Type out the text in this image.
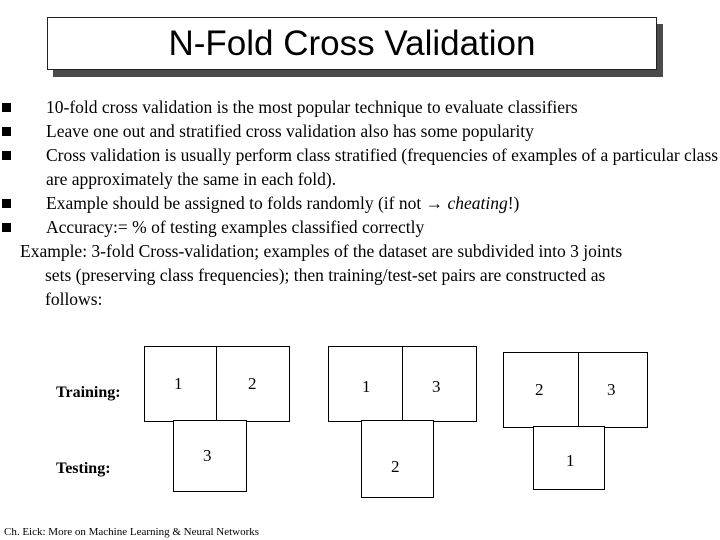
N-Fold Cross Validation
10-fold cross validation is the most popular technique to evaluate classifiers
Leave one out and stratified cross validation also has some popularity
Cross validation is usually perform class stratified (frequencies of examples of a particular class are approximately the same in each fold).
Example should be assigned to folds randomly (if not → cheating!)
Accuracy:= % of testing examples classified correctly
Example: 3-fold Cross-validation; examples of the dataset are subdivided into 3 joints
sets (preserving class frequencies); then training/test-set pairs are constructed as
follows:
Training:
Testing:
1	2
3
1	3
2
2	3
1
Ch. Eick: More on Machine Learning & Neural Networks
